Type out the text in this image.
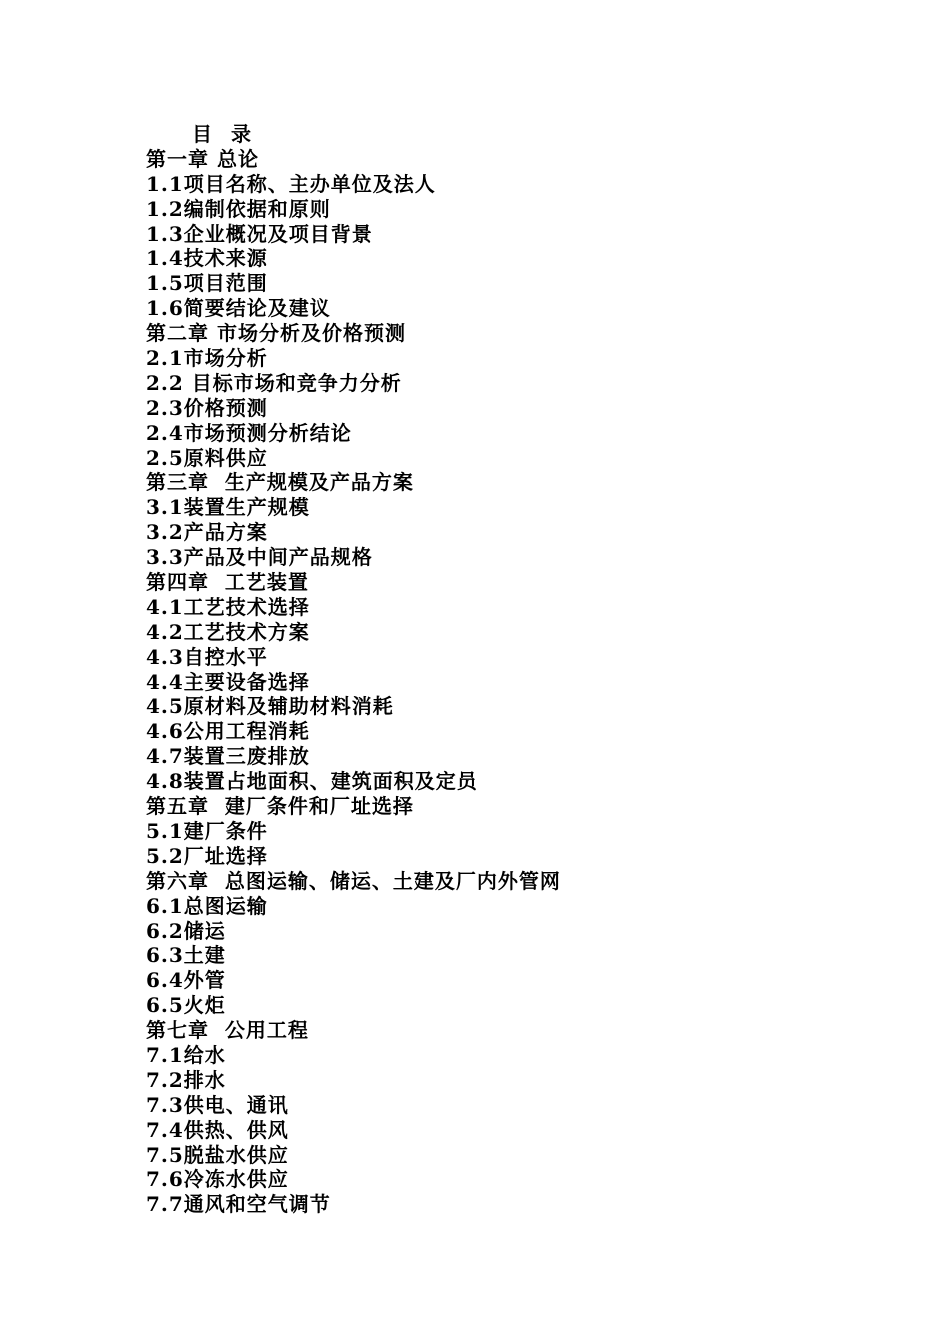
目 录
第一章 总论
1.1项目名称、主办单位及法人
1.2编制依据和原则
1.3企业概况及项目背景
1.4技术来源
1.5项目范围
1.6简要结论及建议
第二章 市场分析及价格预测
2.1市场分析
2.2 目标市场和竞争力分析
2.3价格预测
2.4市场预测分析结论
2.5原料供应
第三章  生产规模及产品方案
3.1装置生产规模
3.2产品方案
3.3产品及中间产品规格
第四章  工艺装置
4.1工艺技术选择
4.2工艺技术方案
4.3自控水平
4.4主要设备选择
4.5原材料及辅助材料消耗
4.6公用工程消耗
4.7装置三废排放
4.8装置占地面积、建筑面积及定员
第五章  建厂条件和厂址选择
5.1建厂条件
5.2厂址选择
第六章  总图运输、储运、土建及厂内外管网
6.1总图运输
6.2储运
6.3土建
6.4外管
6.5火炬
第七章  公用工程
7.1给水
7.2排水
7.3供电、通讯
7.4供热、供风
7.5脱盐水供应
7.6冷冻水供应
7.7通风和空气调节
